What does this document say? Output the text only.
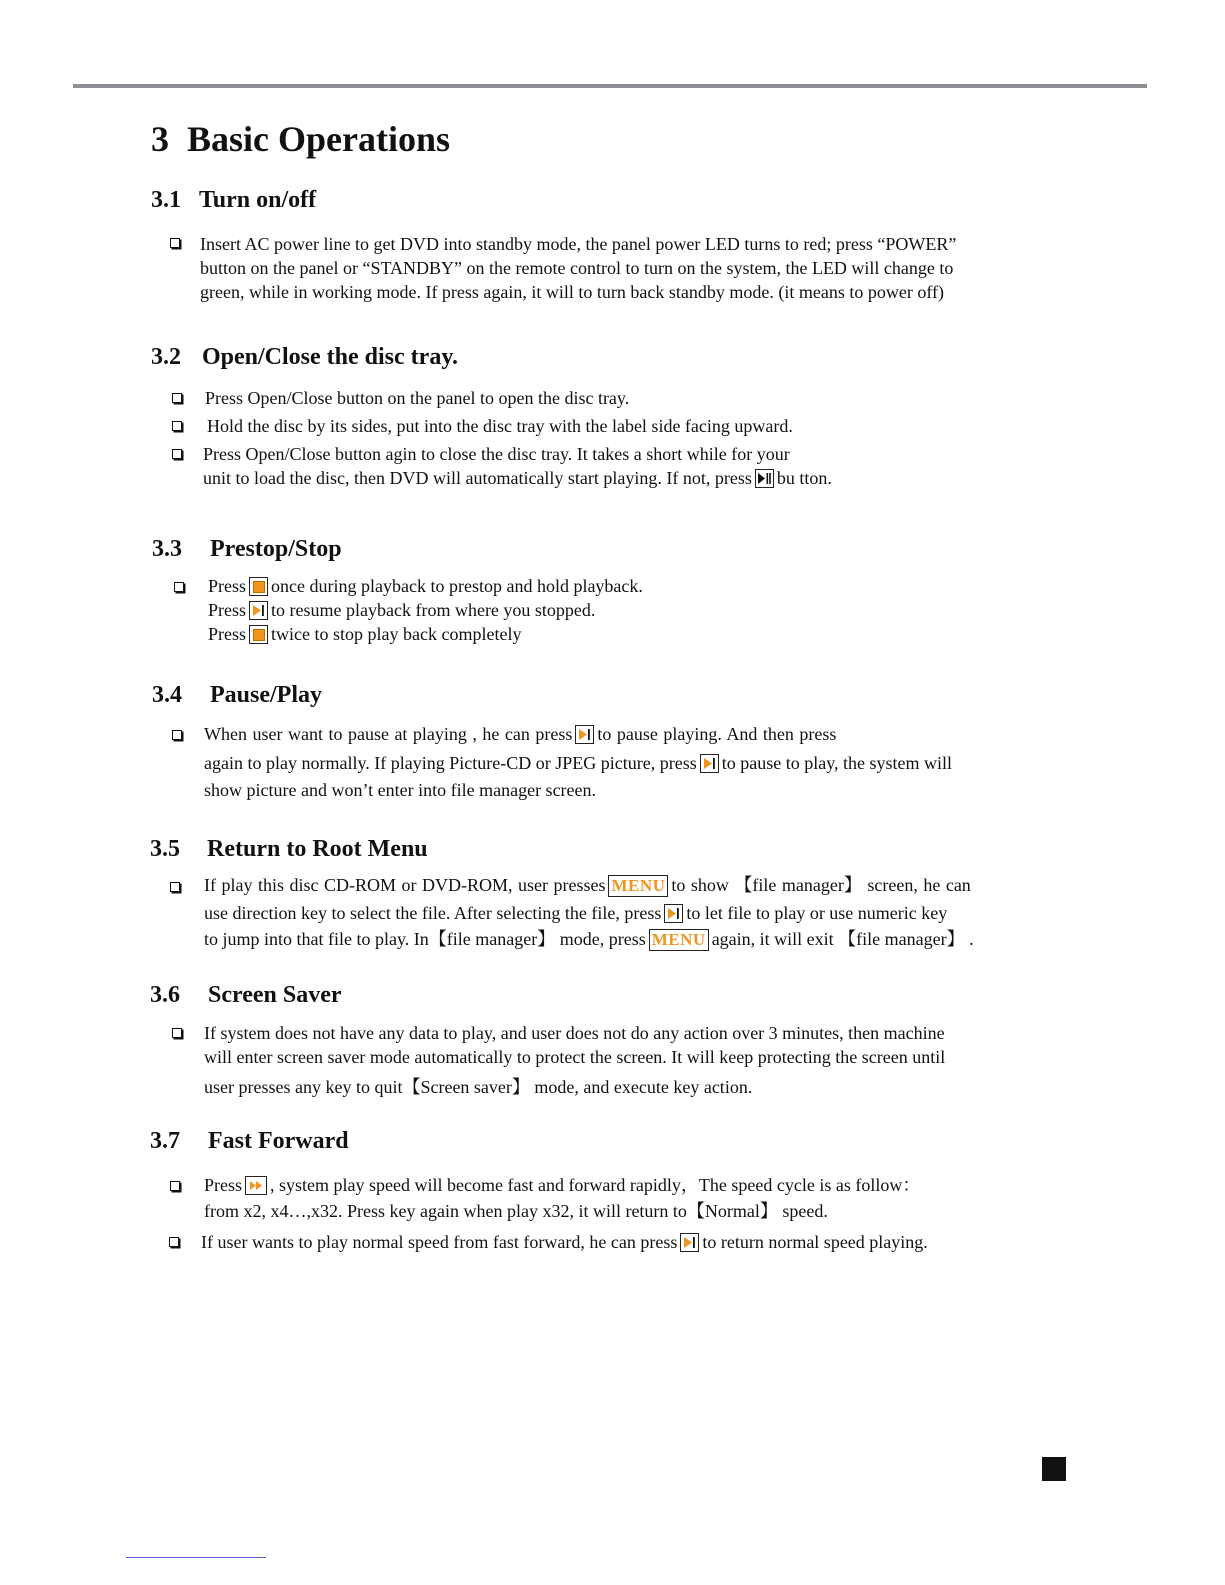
3 Basic Operations
3.1 Turn on/off
Insert AC power line to get DVD into standby mode, the panel power LED turns to red; press “POWER”
button on the panel or “STANDBY” on the remote control to turn on the system, the LED will change to
green, while in working mode. If press again, it will to turn back standby mode. (it means to power off)
3.2 Open/Close the disc tray.
Press Open/Close button on the panel to open the disc tray.
Hold the disc by its sides, put into the disc tray with the label side facing upward.
Press Open/Close button agin to close the disc tray. It takes a short while for your
unit to load the disc, then DVD will automatically start playing. If not, press bu tton.
3.3 Prestop/Stop
Press once during playback to prestop and hold playback.
Press to resume playback from where you stopped.
Press twice to stop play back completely
3.4 Pause/Play
When user want to pause at playing , he can press to pause playing. And then press
again to play normally. If playing Picture-CD or JPEG picture, press to pause to play, the system will
show picture and won’t enter into file manager screen.
3.5 Return to Root Menu
If play this disc CD-ROM or DVD-ROM, user presses MENU to show 【file manager】 screen, he can
use direction key to select the file. After selecting the file, press to let file to play or use numeric key
to jump into that file to play. In【file manager】 mode, press MENU again, it will exit 【file manager】 .
3.6 Screen Saver
If system does not have any data to play, and user does not do any action over 3 minutes, then machine
will enter screen saver mode automatically to protect the screen. It will keep protecting the screen until
user presses any key to quit【Screen saver】 mode, and execute key action.
3.7 Fast Forward
Press , system play speed will become fast and forward rapidly，The speed cycle is as follow：
from x2, x4…,x32. Press key again when play x32, it will return to【Normal】 speed.
If user wants to play normal speed from fast forward, he can press to return normal speed playing.
